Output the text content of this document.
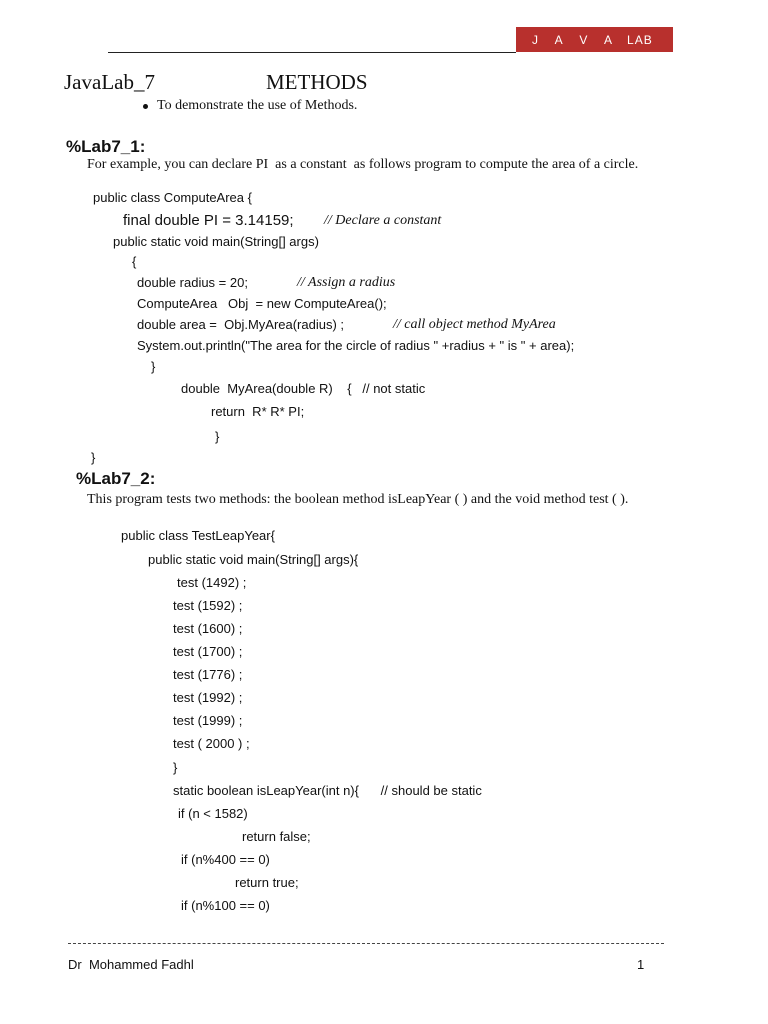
J A V A LAB
JavaLab_7	METHODS
To demonstrate the use of Methods.
%Lab7_1:
For example, you can declare PI  as a constant  as follows program to compute the area of a circle.
public class ComputeArea {
final double PI = 3.14159; // Declare a constant
public static void main(String[] args)
{
double radius = 20;	// Assign a radius
ComputeArea   Obj  = new ComputeArea();
double area =  Obj.MyArea(radius) ;	// call object method MyArea
System.out.println("The area for the circle of radius " +radius + " is " + area);
}
double  MyArea(double R)    {   // not static
return  R* R* PI;
}
}
%Lab7_2:
This program tests two methods: the boolean method isLeapYear ( ) and the void method test ( ).
public class TestLeapYear{
public static void main(String[] args){
test (1492) ;
test (1592) ;
test (1600) ;
test (1700) ;
test (1776) ;
test (1992) ;
test (1999) ;
test ( 2000 ) ;
}
static boolean isLeapYear(int n){      // should be static
if (n < 1582)
return false;
if (n%400 == 0)
return true;
if (n%100 == 0)
Dr  Mohammed Fadhl	1
